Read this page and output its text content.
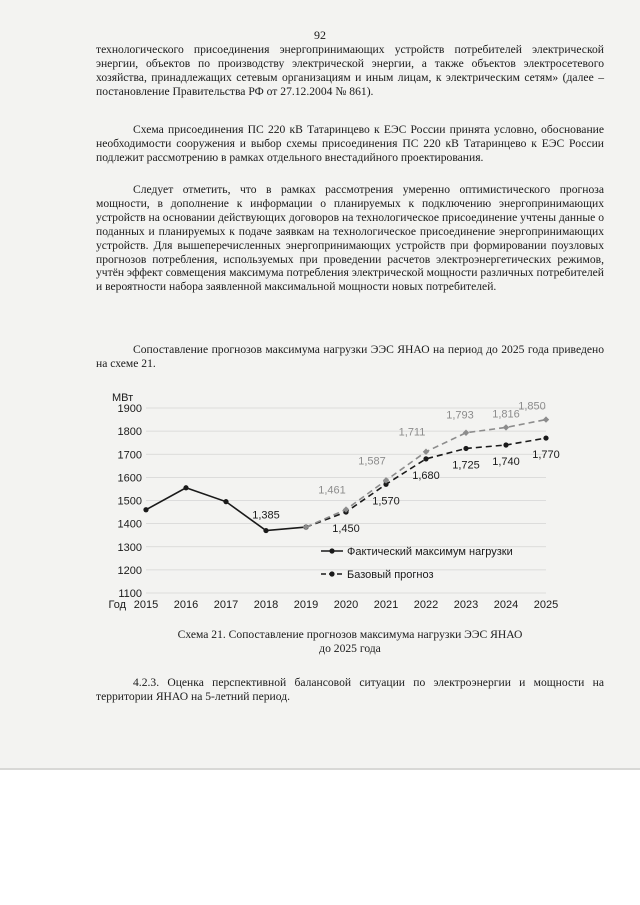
92

технологического присоединения энергопринимающих устройств потребителей электрической энергии, объектов по производству электрической энергии, а также объектов электросетевого хозяйства, принадлежащих сетевым организациям и иным лицам, к электрическим сетям» (далее – постановление Правительства РФ от 27.12.2004 № 861).

Схема присоединения ПС 220 кВ Татаринцево к ЕЭС России принята условно, обоснование необходимости сооружения и выбор схемы присоединения ПС 220 кВ Татаринцево к ЕЭС России подлежит рассмотрению в рамках отдельного внестадийного проектирования.

Следует отметить, что в рамках рассмотрения умеренно оптимистического прогноза мощности, в дополнение к информации о планируемых к подключению энергопринимающих устройств на основании действующих договоров на технологическое присоединение учтены данные о поданных и планируемых к подаче заявкам на технологическое присоединение энергопринимающих устройств. Для вышеперечисленных энергопринимающих устройств при формировании поузловых прогнозов потребления, используемых при проведении расчетов электроэнергетических режимов, учтён эффект совмещения максимума потребления электрической мощности различных потребителей и вероятности набора заявленной максимальной мощности новых потребителей.

Сопоставление прогнозов максимума нагрузки ЭЭС ЯНАО на период до 2025 года приведено на схеме 21.

1,385
1,450
1,570
1,680
1,725 1,740
1,770
1,461
1,587
1,711
1,793 1,816
1,850
1100
1200
1300
1400
1500
1600
1700
1800
1900
МВт
2015 2016 2017 2018 2019 2020 2021 2022 2023 2024 2025
Год
Фактический максимум нагрузки
Базовый прогноз
Схема 21. Сопоставление прогнозов максимума нагрузки ЭЭС ЯНАО
до 2025 года

4.2.3. Оценка перспективной балансовой ситуации по электроэнергии и мощности на территории ЯНАО на 5-летний период.
